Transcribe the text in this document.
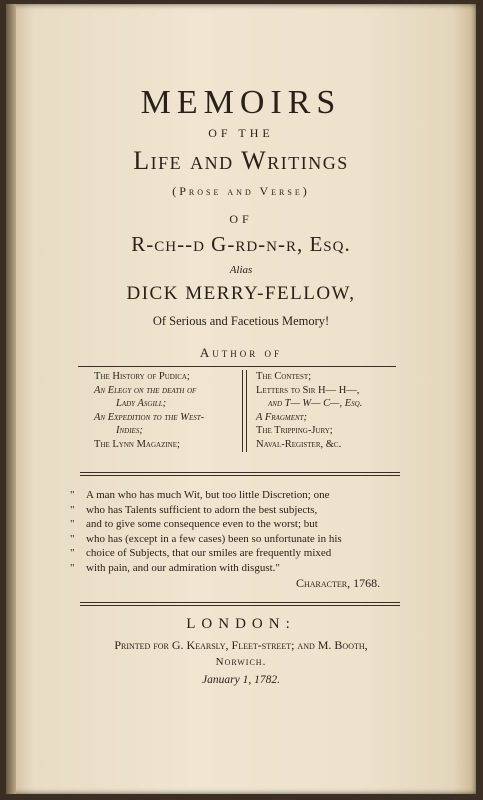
MEMOIRS
OF THE
Life and Writings
(Prose and Verse)
OF
R-ch--d G-rd-n-r, Esq.
Alias
DICK MERRY-FELLOW,
Of Serious and Facetious Memory!
Author of
The History of Pudica;
An Elegy on the death of
Lady Asgill;
An Expedition to the West-
Indies;
The Lynn Magazine;
The Contest;
Letters to Sir H— H—,
and T— W— C—, Esq.
A Fragment;
The Tripping-Jury;
Naval-Register, &c.
"
"
"
"
"
"
A man who has much Wit, but too little Discretion; one
who has Talents sufficient to adorn the best subjects,
and to give some consequence even to the worst; but
who has (except in a few cases) been so unfortunate in his
choice of Subjects, that our smiles are frequently mixed
with pain, and our admiration with disgust."
Character, 1768.
LONDON:
Printed for G. Kearsly, Fleet-street; and M. Booth,
Norwich.
January 1, 1782.
